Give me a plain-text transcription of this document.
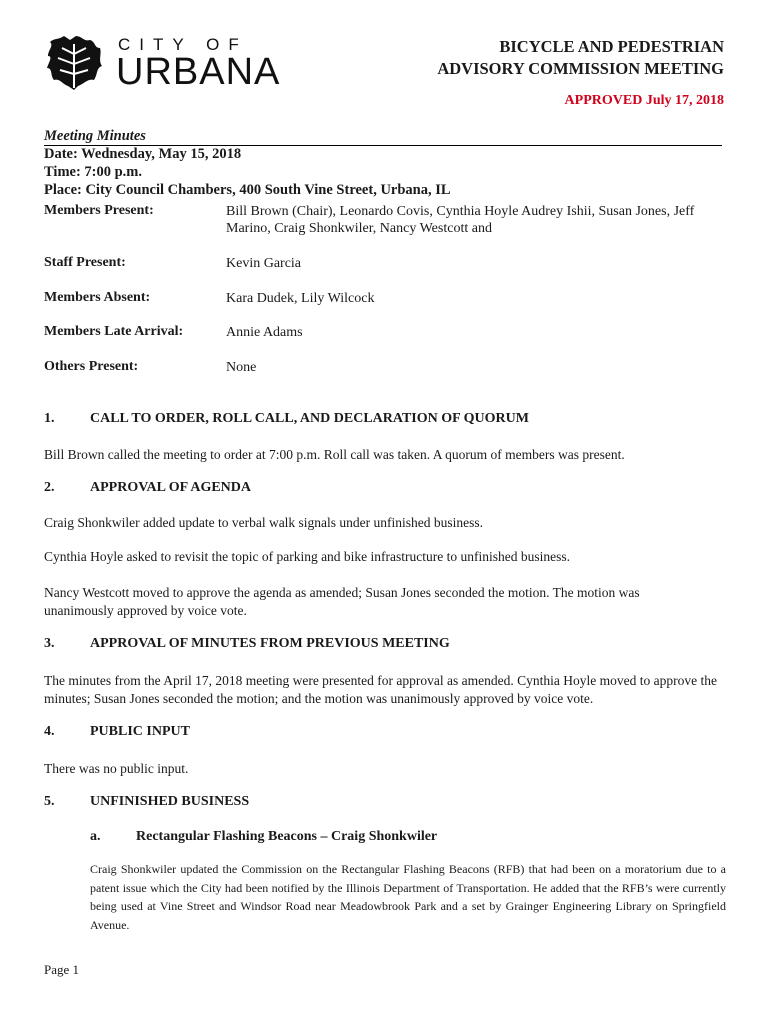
CITY OF
URBANA
BICYCLE AND PEDESTRIAN
ADVISORY COMMISSION MEETING
APPROVED July 17, 2018
Meeting Minutes
Date: Wednesday, May 15, 2018
Time: 7:00 p.m.
Place: City Council Chambers, 400 South Vine Street, Urbana, IL
Members Present:	Bill Brown (Chair), Leonardo Covis, Cynthia Hoyle Audrey Ishii, Susan Jones, Jeff Marino, Craig Shonkwiler, Nancy Westcott and
Staff Present:	Kevin Garcia
Members Absent:	Kara Dudek, Lily Wilcock
Members Late Arrival:	Annie Adams
Others Present:	None
1.	CALL TO ORDER, ROLL CALL, AND DECLARATION OF QUORUM
Bill Brown called the meeting to order at 7:00 p.m. Roll call was taken. A quorum of members was present.
2.	APPROVAL OF AGENDA
Craig Shonkwiler added update to verbal walk signals under unfinished business.
Cynthia Hoyle asked to revisit the topic of parking and bike infrastructure to unfinished business.
Nancy Westcott moved to approve the agenda as amended; Susan Jones seconded the motion. The motion was unanimously approved by voice vote.
3.	APPROVAL OF MINUTES FROM PREVIOUS MEETING
The minutes from the April 17, 2018 meeting were presented for approval as amended. Cynthia Hoyle moved to approve the minutes; Susan Jones seconded the motion; and the motion was unanimously approved by voice vote.
4.	PUBLIC INPUT
There was no public input.
5.	UNFINISHED BUSINESS
a.	Rectangular Flashing Beacons – Craig Shonkwiler
Craig Shonkwiler updated the Commission on the Rectangular Flashing Beacons (RFB) that had been on a moratorium due to a patent issue which the City had been notified by the Illinois Department of Transportation. He added that the RFB’s were currently being used at Vine Street and Windsor Road near Meadowbrook Park and a set by Grainger Engineering Library on Springfield Avenue.
Page 1
